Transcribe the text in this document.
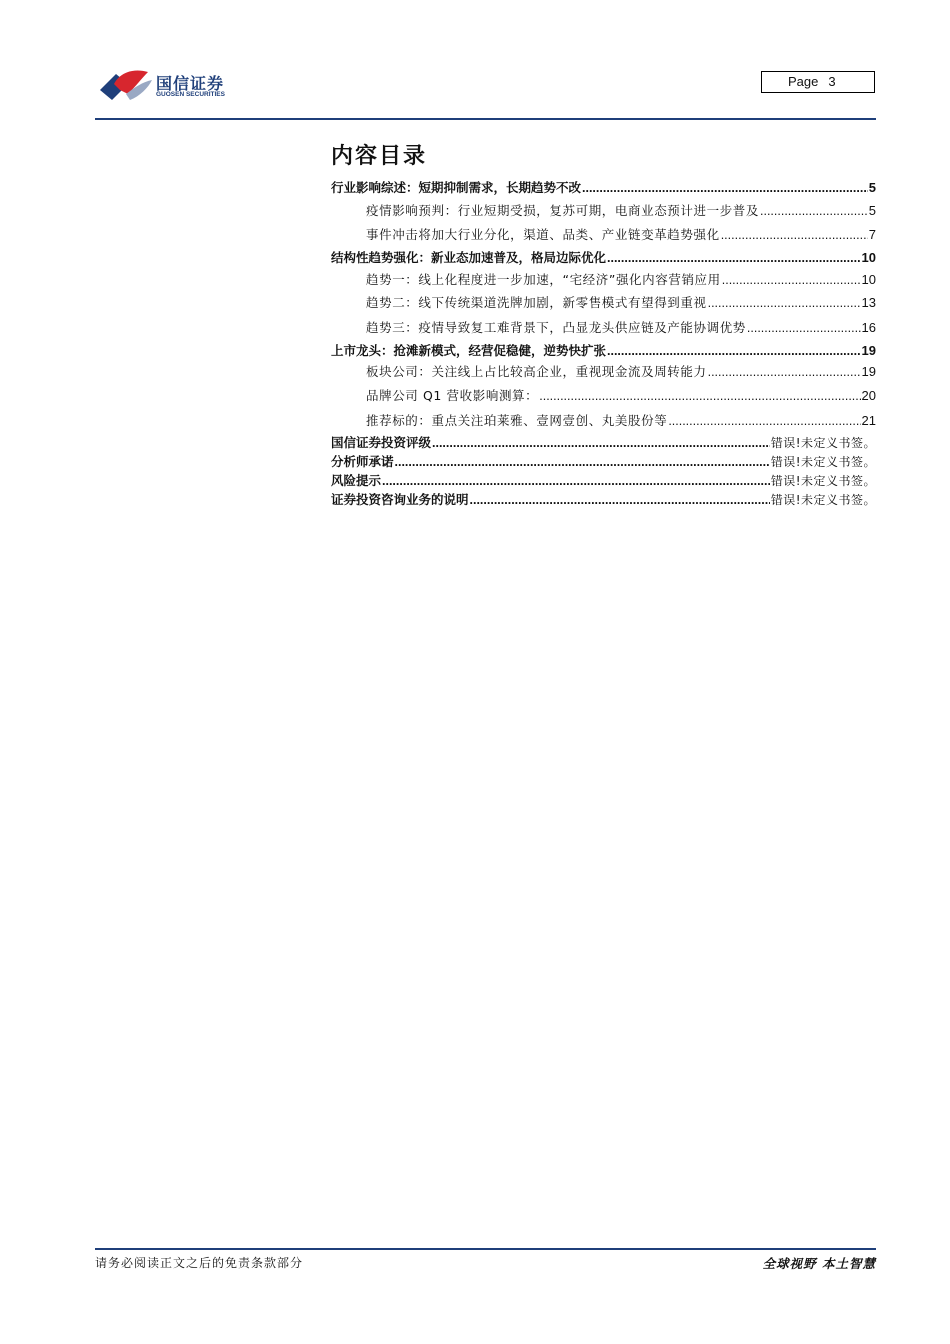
国信证券
GUOSEN SECURITIES
Page 3
内容目录
行业影响综述：短期抑制需求，长期趋势不改 .....	5
疫情影响预判：行业短期受损，复苏可期，电商业态预计进一步普及 .....	5
事件冲击将加大行业分化，渠道、品类、产业链变革趋势强化 .....	7
结构性趋势强化：新业态加速普及，格局边际优化 .....	10
趋势一：线上化程度进一步加速，“宅经济”强化内容营销应用 .....	10
趋势二：线下传统渠道洗牌加剧，新零售模式有望得到重视 .....	13
趋势三：疫情导致复工难背景下，凸显龙头供应链及产能协调优势 .....	16
上市龙头：抢滩新模式，经营促稳健，逆势快扩张 .....	19
板块公司：关注线上占比较高企业，重视现金流及周转能力 .....	19
品牌公司 Q1 营收影响测算： .....	20
推荐标的：重点关注珀莱雅、壹网壹创、丸美股份等 .....	21
国信证券投资评级 .....	错误!未定义书签。
分析师承诺 .....	错误!未定义书签。
风险提示 .....	错误!未定义书签。
证券投资咨询业务的说明 .....	错误!未定义书签。
请务必阅读正文之后的免责条款部分	全球视野 本土智慧
